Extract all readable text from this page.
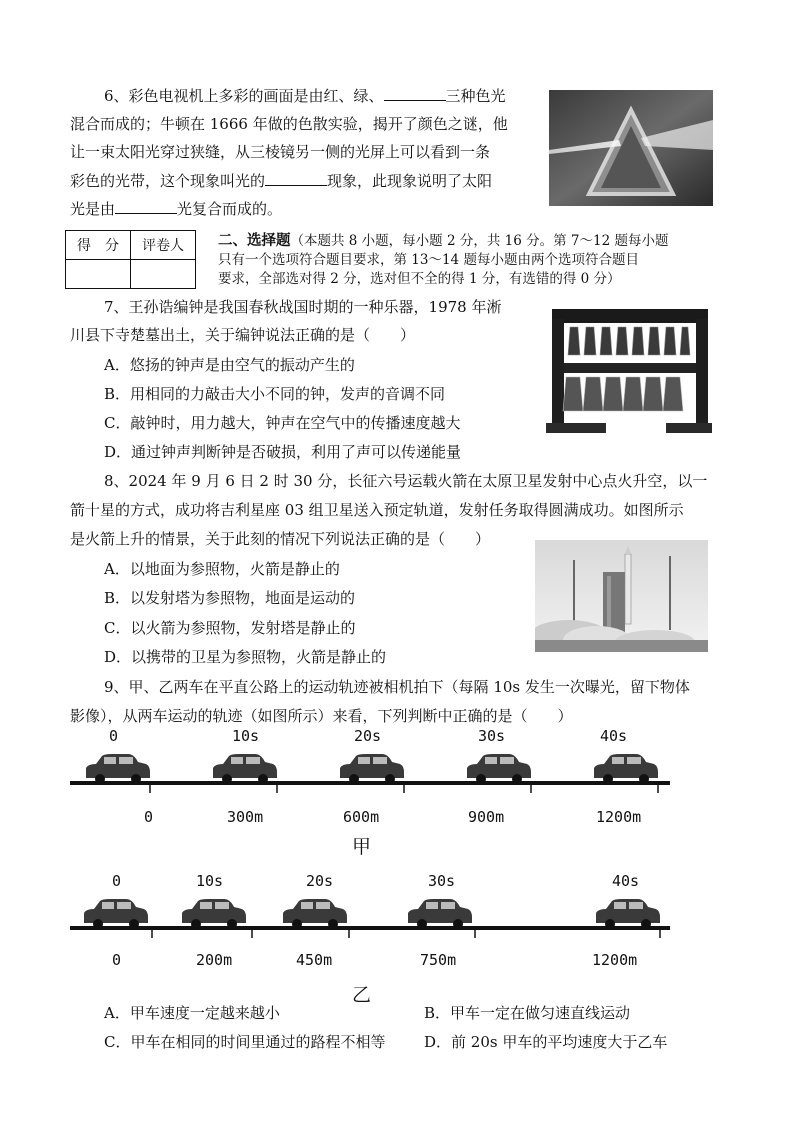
6、彩色电视机上多彩的画面是由红、绿、	三种色光
混合而成的；牛顿在 1666 年做的色散实验，揭开了颜色之谜，他
让一束太阳光穿过狭缝，从三棱镜另一侧的光屏上可以看到一条
彩色的光带，这个现象叫光的	现象，此现象说明了太阳
光是由	光复合而成的。
得　分	评卷人
	二、选择题（本题共 8 小题，每小题 2 分，共 16 分。第 7～12 题每小题
只有一个选项符合题目要求，第 13～14 题每小题由两个选项符合题目
要求，全部选对得 2 分，选对但不全的得 1 分，有选错的得 0 分）
7、王孙诰编钟是我国春秋战国时期的一种乐器，1978 年淅
川县下寺楚墓出土，关于编钟说法正确的是（　　）
A．悠扬的钟声是由空气的振动产生的
B．用相同的力敲击大小不同的钟，发声的音调不同
C．敲钟时，用力越大，钟声在空气中的传播速度越大
D．通过钟声判断钟是否破损，利用了声可以传递能量
8、2024 年 9 月 6 日 2 时 30 分，长征六号运载火箭在太原卫星发射中心点火升空，以一
箭十星的方式，成功将吉利星座 03 组卫星送入预定轨道，发射任务取得圆满成功。如图所示
是火箭上升的情景，关于此刻的情况下列说法正确的是（　　）
A．以地面为参照物，火箭是静止的
B．以发射塔为参照物，地面是运动的
C．以火箭为参照物，发射塔是静止的
D．以携带的卫星为参照物，火箭是静止的
9、甲、乙两车在平直公路上的运动轨迹被相机拍下（每隔 10s 发生一次曝光，留下物体
影像），从两车运动的轨迹（如图所示）来看，下列判断中正确的是（　　）
0	10s	20s	30s	40s
0	300m	600m	900m	1200m
甲
0	10s	20s	30s	40s
0	200m	450m	750m	1200m
乙
A．甲车速度一定越来越小	B．甲车一定在做匀速直线运动
C．甲车在相同的时间里通过的路程不相等	D．前 20s 甲车的平均速度大于乙车
